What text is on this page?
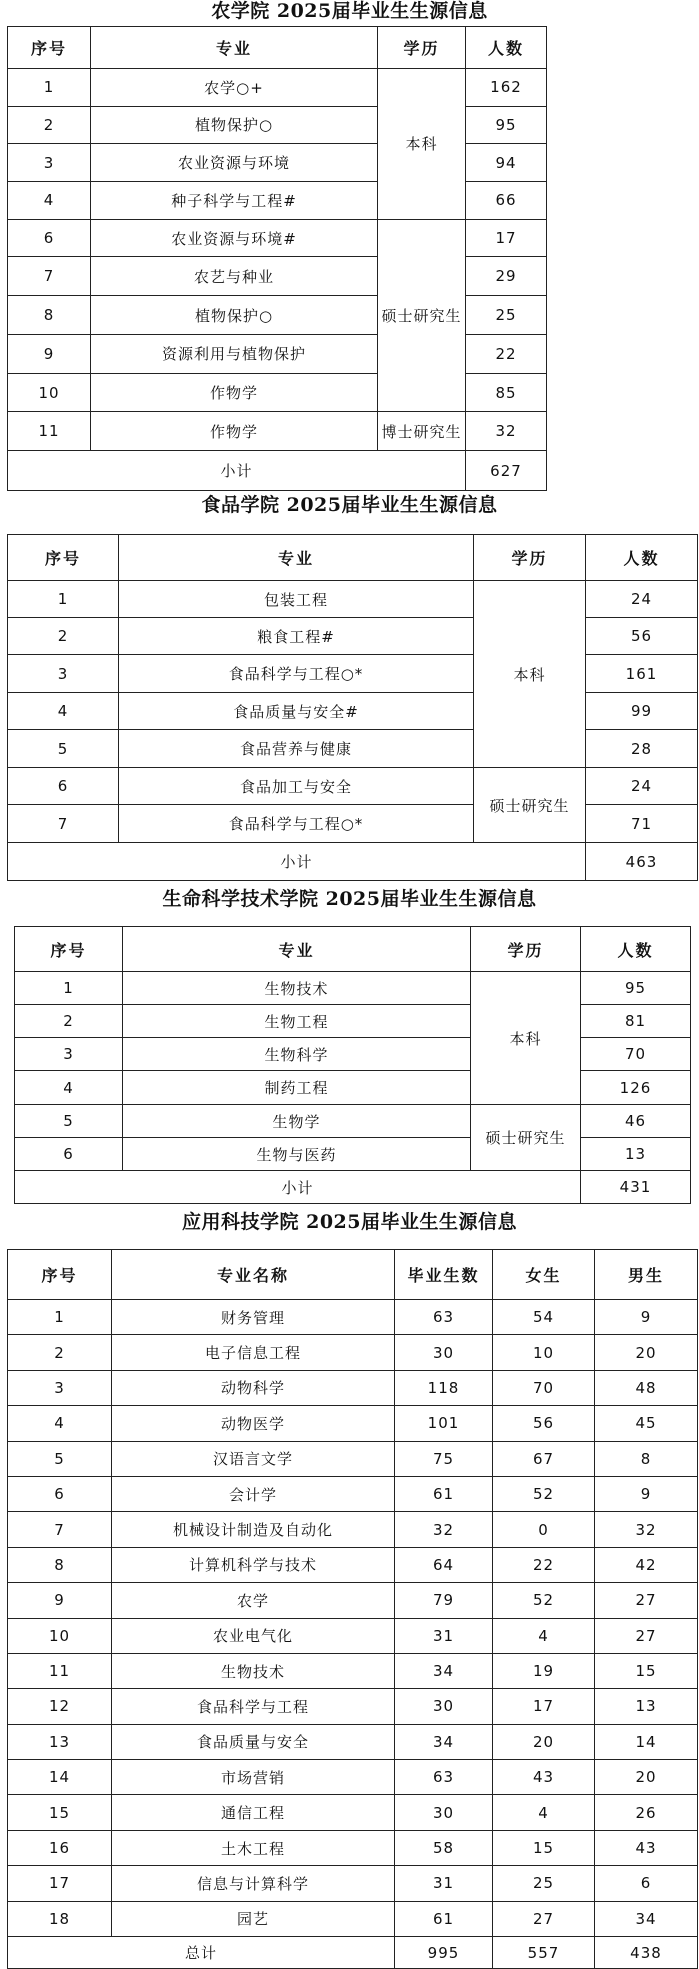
农学院 2025届毕业生生源信息
序号	专业	学历	人数
1	农学○+	本科	162
2	植物保护○		95
3	农业资源与环境		94
4	种子科学与工程#		66
6	农业资源与环境#	硕士研究生	17
7	农艺与种业		29
8	植物保护○		25
9	资源利用与植物保护		22
10	作物学		85
11	作物学	博士研究生	32
小计			627
食品学院 2025届毕业生生源信息
序号	专业	学历	人数
1	包装工程	本科	24
2	粮食工程#		56
3	食品科学与工程○*		161
4	食品质量与安全#		99
5	食品营养与健康		28
6	食品加工与安全	硕士研究生	24
7	食品科学与工程○*		71
小计			463
生命科学技术学院 2025届毕业生生源信息
序号	专业	学历	人数
1	生物技术	本科	95
2	生物工程		81
3	生物科学		70
4	制药工程		126
5	生物学	硕士研究生	46
6	生物与医药		13
小计			431
应用科技学院 2025届毕业生生源信息
序号	专业名称	毕业生数	女生	男生
1	财务管理	63	54	9
2	电子信息工程	30	10	20
3	动物科学	118	70	48
4	动物医学	101	56	45
5	汉语言文学	75	67	8
6	会计学	61	52	9
7	机械设计制造及自动化	32	0	32
8	计算机科学与技术	64	22	42
9	农学	79	52	27
10	农业电气化	31	4	27
11	生物技术	34	19	15
12	食品科学与工程	30	17	13
13	食品质量与安全	34	20	14
14	市场营销	63	43	20
15	通信工程	30	4	26
16	土木工程	58	15	43
17	信息与计算科学	31	25	6
18	园艺	61	27	34
总计		995	557	438
